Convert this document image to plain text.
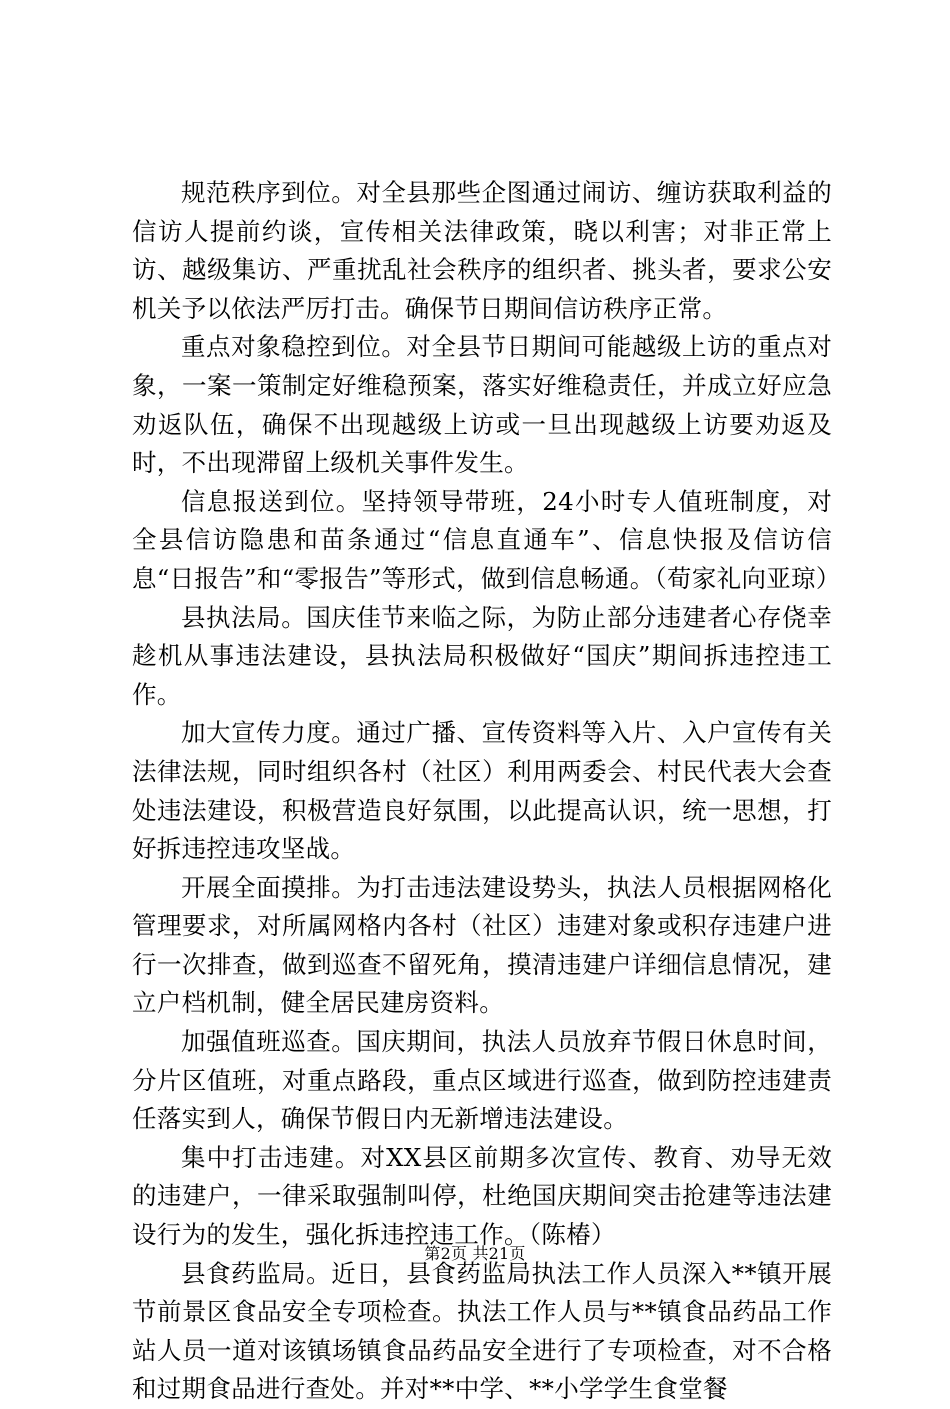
规范秩序到位。对全县那些企图通过闹访、缠访获取利益的信访人提前约谈，宣传相关法律政策，晓以利害；对非正常上访、越级集访、严重扰乱社会秩序的组织者、挑头者，要求公安机关予以依法严厉打击。确保节日期间信访秩序正常。

重点对象稳控到位。对全县节日期间可能越级上访的重点对象，一案一策制定好维稳预案，落实好维稳责任，并成立好应急劝返队伍，确保不出现越级上访或一旦出现越级上访要劝返及时，不出现滞留上级机关事件发生。

信息报送到位。坚持领导带班，24小时专人值班制度，对全县信访隐患和苗条通过“信息直通车”、信息快报及信访信息“日报告”和“零报告”等形式，做到信息畅通。（荀家礼向亚琼）

县执法局。国庆佳节来临之际，为防止部分违建者心存侥幸趁机从事违法建设，县执法局积极做好“国庆”期间拆违控违工作。

加大宣传力度。通过广播、宣传资料等入片、入户宣传有关法律法规，同时组织各村（社区）利用两委会、村民代表大会查处违法建设，积极营造良好氛围，以此提高认识，统一思想，打好拆违控违攻坚战。

开展全面摸排。为打击违法建设势头，执法人员根据网格化管理要求，对所属网格内各村（社区）违建对象或积存违建户进行一次排查，做到巡查不留死角，摸清违建户详细信息情况，建立户档机制，健全居民建房资料。

加强值班巡查。国庆期间，执法人员放弃节假日休息时间，分片区值班，对重点路段，重点区域进行巡查，做到防控违建责任落实到人，确保节假日内无新增违法建设。

集中打击违建。对XX县区前期多次宣传、教育、劝导无效的违建户，一律采取强制叫停，杜绝国庆期间突击抢建等违法建设行为的发生，强化拆违控违工作。（陈椿）

县食药监局。近日，县食药监局执法工作人员深入**镇开展节前景区食品安全专项检查。执法工作人员与**镇食品药品工作站人员一道对该镇场镇食品药品安全进行了专项检查，对不合格和过期食品进行查处。并对**中学、**小学学生食堂餐

第2页 共21页
